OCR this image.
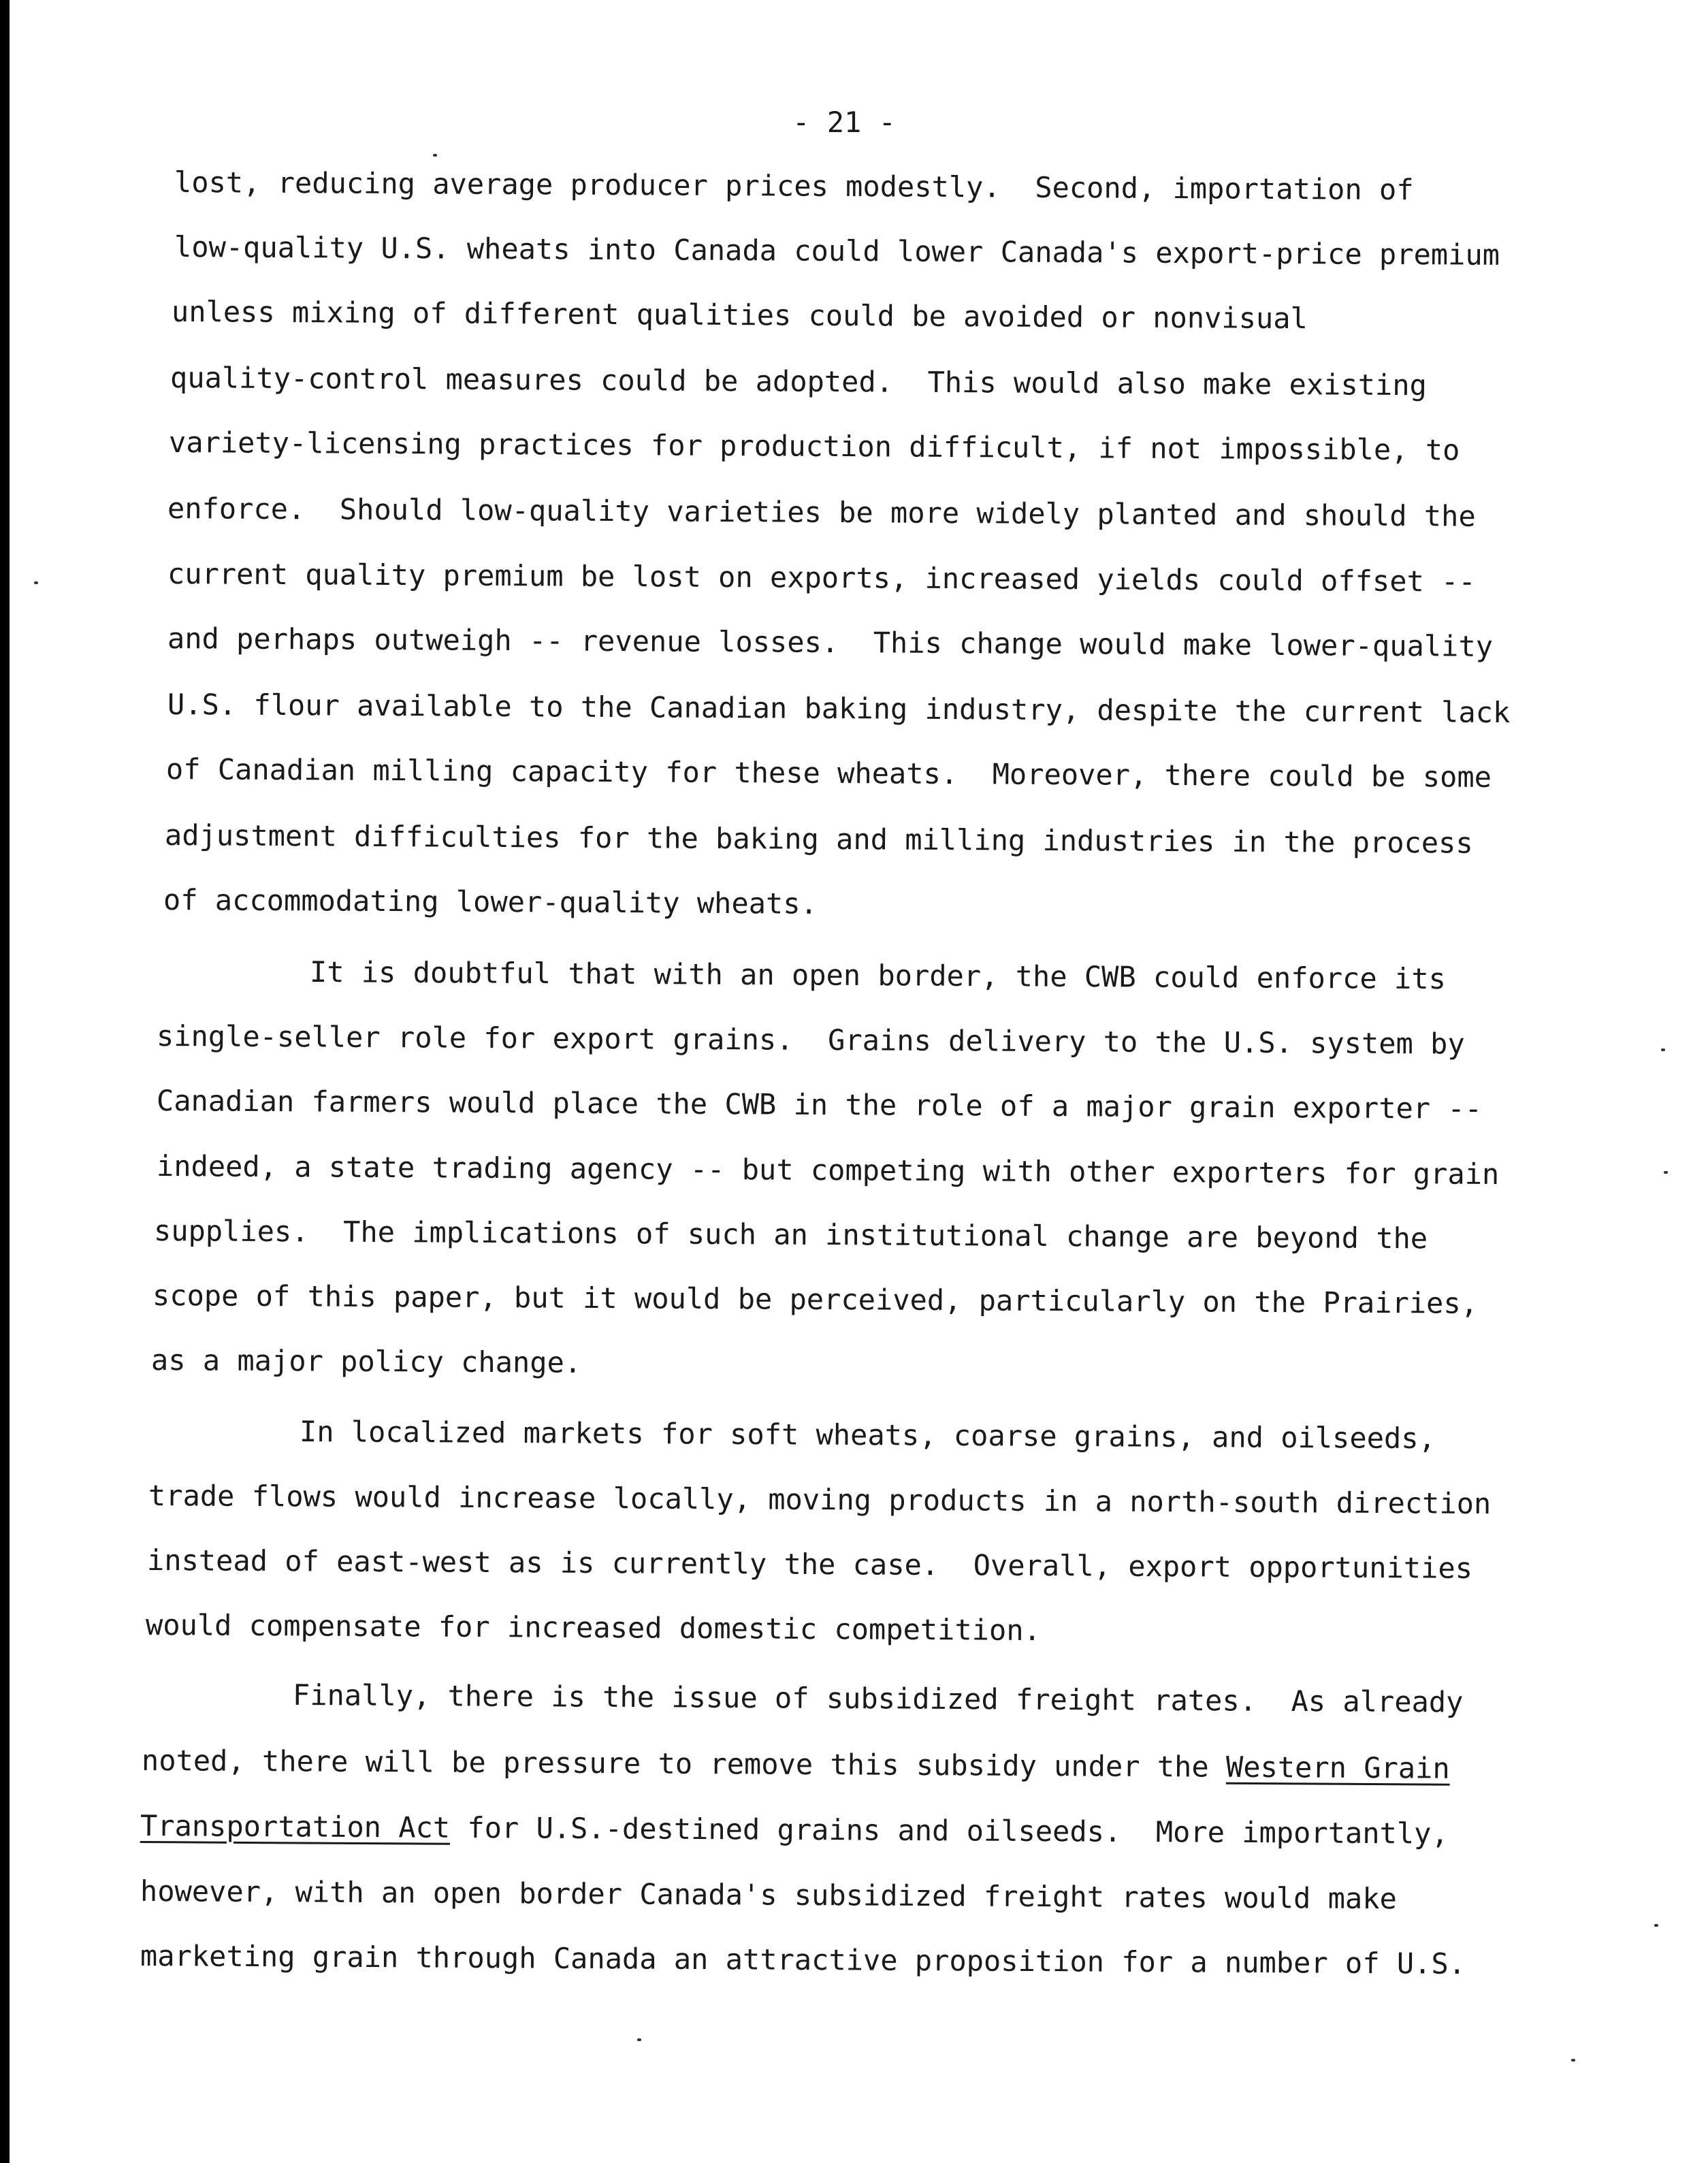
- 21 -
lost, reducing average producer prices modestly.  Second, importation of
low-quality U.S. wheats into Canada could lower Canada's export-price premium
unless mixing of different qualities could be avoided or nonvisual
quality-control measures could be adopted.  This would also make existing
variety-licensing practices for production difficult, if not impossible, to
enforce.  Should low-quality varieties be more widely planted and should the
current quality premium be lost on exports, increased yields could offset --
and perhaps outweigh -- revenue losses.  This change would make lower-quality
U.S. flour available to the Canadian baking industry, despite the current lack
of Canadian milling capacity for these wheats.  Moreover, there could be some
adjustment difficulties for the baking and milling industries in the process
of accommodating lower-quality wheats.
It is doubtful that with an open border, the CWB could enforce its
single-seller role for export grains.  Grains delivery to the U.S. system by
Canadian farmers would place the CWB in the role of a major grain exporter --
indeed, a state trading agency -- but competing with other exporters for grain
supplies.  The implications of such an institutional change are beyond the
scope of this paper, but it would be perceived, particularly on the Prairies,
as a major policy change.
In localized markets for soft wheats, coarse grains, and oilseeds,
trade flows would increase locally, moving products in a north-south direction
instead of east-west as is currently the case.  Overall, export opportunities
would compensate for increased domestic competition.
Finally, there is the issue of subsidized freight rates.  As already
noted, there will be pressure to remove this subsidy under the Western Grain
Transportation Act for U.S.-destined grains and oilseeds.  More importantly,
however, with an open border Canada's subsidized freight rates would make
marketing grain through Canada an attractive proposition for a number of U.S.
